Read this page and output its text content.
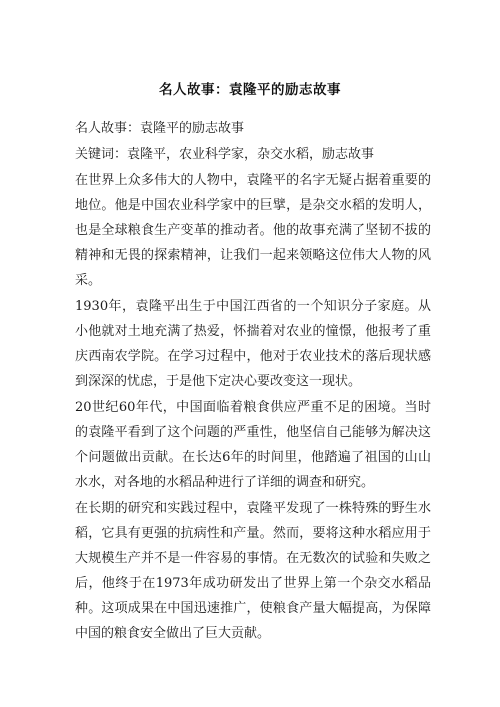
名人故事：袁隆平的励志故事

名人故事：袁隆平的励志故事

关键词：袁隆平，农业科学家，杂交水稻，励志故事

在世界上众多伟大的人物中，袁隆平的名字无疑占据着重要的地位。他是中国农业科学家中的巨擘，是杂交水稻的发明人，也是全球粮食生产变革的推动者。他的故事充满了坚韧不拔的精神和无畏的探索精神，让我们一起来领略这位伟大人物的风采。

1930年，袁隆平出生于中国江西省的一个知识分子家庭。从小他就对土地充满了热爱，怀揣着对农业的憧憬，他报考了重庆西南农学院。在学习过程中，他对于农业技术的落后现状感到深深的忧虑，于是他下定决心要改变这一现状。

20世纪60年代，中国面临着粮食供应严重不足的困境。当时的袁隆平看到了这个问题的严重性，他坚信自己能够为解决这个问题做出贡献。在长达6年的时间里，他踏遍了祖国的山山水水，对各地的水稻品种进行了详细的调查和研究。

在长期的研究和实践过程中，袁隆平发现了一株特殊的野生水稻，它具有更强的抗病性和产量。然而，要将这种水稻应用于大规模生产并不是一件容易的事情。在无数次的试验和失败之后，他终于在1973年成功研发出了世界上第一个杂交水稻品种。这项成果在中国迅速推广，使粮食产量大幅提高，为保障中国的粮食安全做出了巨大贡献。
